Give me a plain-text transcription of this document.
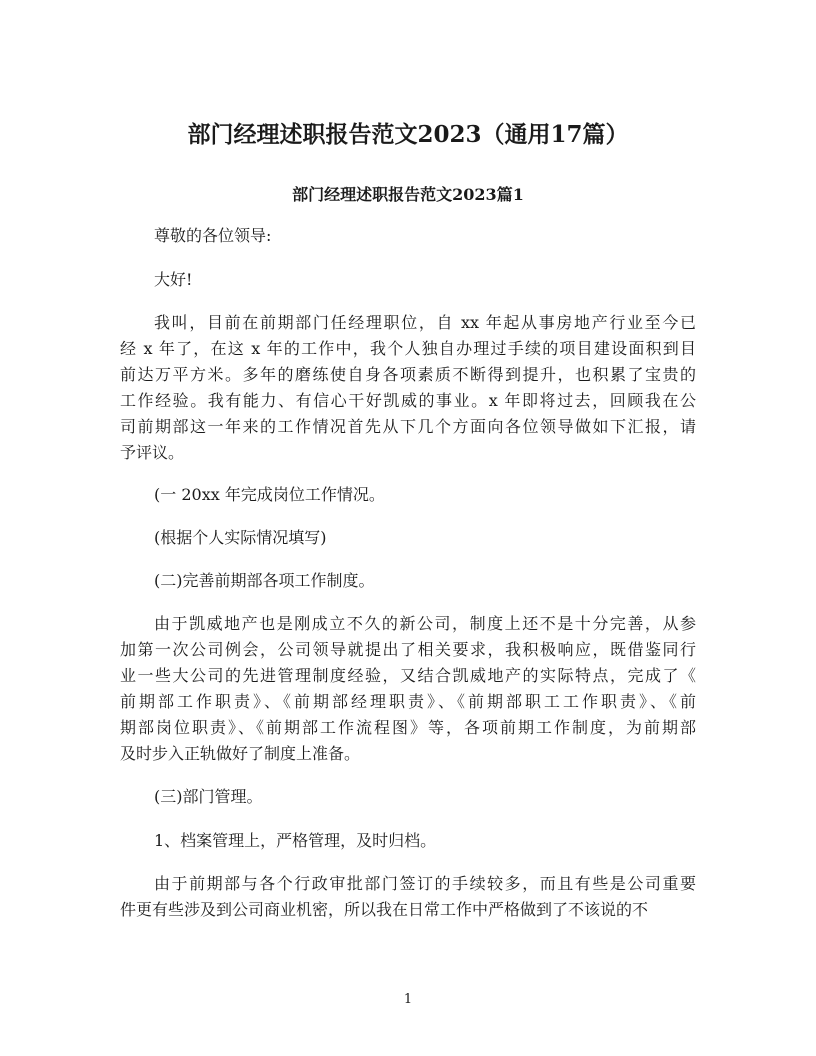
部门经理述职报告范文2023（通用17篇）
部门经理述职报告范文2023篇1
尊敬的各位领导:
大好!
我叫，目前在前期部门任经理职位，自 xx 年起从事房地产行业至今已
经 x 年了，在这 x 年的工作中，我个人独自办理过手续的项目建设面积到目
前达万平方米。多年的磨练使自身各项素质不断得到提升，也积累了宝贵的
工作经验。我有能力、有信心干好凯威的事业。x 年即将过去，回顾我在公
司前期部这一年来的工作情况首先从下几个方面向各位领导做如下汇报，请
予评议。
(一 20xx 年完成岗位工作情况。
(根据个人实际情况填写)
(二)完善前期部各项工作制度。
由于凯威地产也是刚成立不久的新公司，制度上还不是十分完善，从参
加第一次公司例会，公司领导就提出了相关要求，我积极响应，既借鉴同行
业一些大公司的先进管理制度经验，又结合凯威地产的实际特点，完成了《
前期部工作职责》、《前期部经理职责》、《前期部职工工作职责》、《前
期部岗位职责》、《前期部工作流程图》等，各项前期工作制度，为前期部
及时步入正轨做好了制度上准备。
(三)部门管理。
1、档案管理上，严格管理，及时归档。
由于前期部与各个行政审批部门签订的手续较多，而且有些是公司重要
件更有些涉及到公司商业机密，所以我在日常工作中严格做到了不该说的不
1
